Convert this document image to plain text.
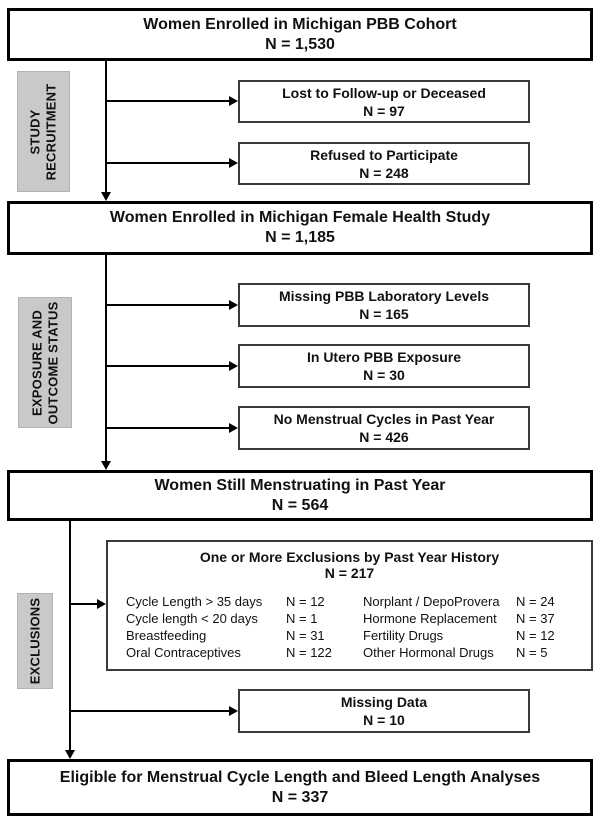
Women Enrolled in Michigan PBB Cohort
N = 1,530
Women Enrolled in Michigan Female Health Study
N = 1,185
Women Still Menstruating in Past Year
N = 564
Eligible for Menstrual Cycle Length and Bleed Length Analyses
N = 337
Lost to Follow-up or Deceased
N = 97
Refused to Participate
N = 248
Missing PBB Laboratory Levels
N = 165
In Utero PBB Exposure
N = 30
No Menstrual Cycles in Past Year
N = 426
Missing Data
N = 10
One or More Exclusions by Past Year History
N = 217
Cycle Length > 35 days	N = 12	Norplant / DepoProvera	N = 24
Cycle length < 20 days	N = 1	Hormone Replacement	N = 37
Breastfeeding	N = 31	Fertility Drugs	N = 12
Oral Contraceptives	N = 122	Other Hormonal Drugs	N = 5
STUDY RECRUITMENT
EXPOSURE AND OUTCOME STATUS
EXCLUSIONS
